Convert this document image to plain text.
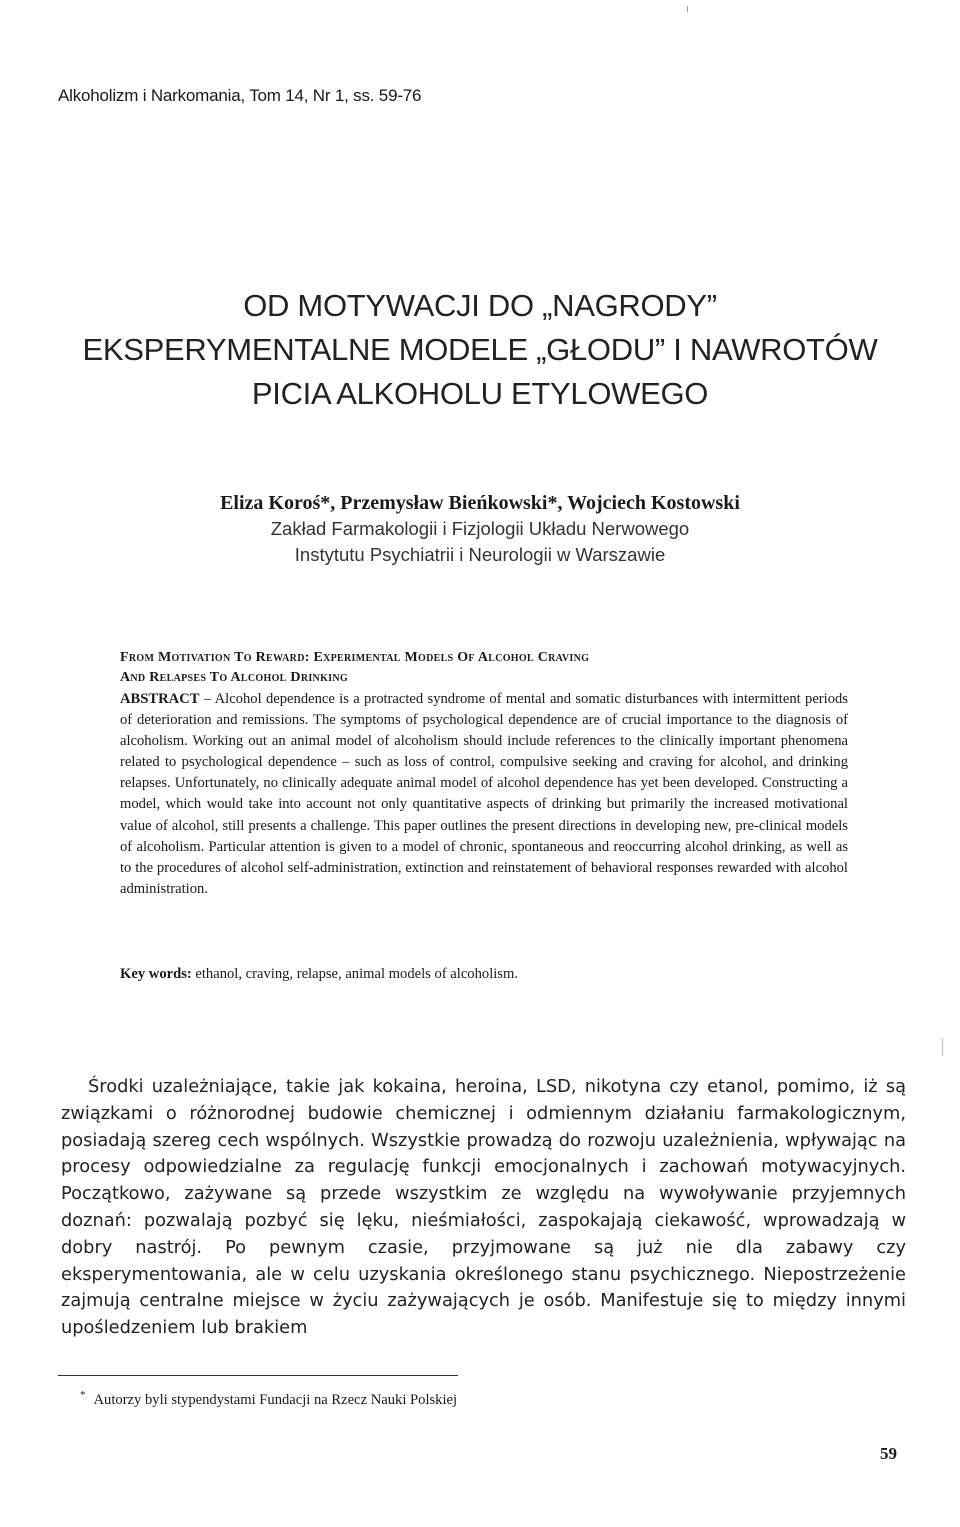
Alkoholizm i Narkomania, Tom 14, Nr 1, ss. 59-76
OD MOTYWACJI DO „NAGRODY”
EKSPERYMENTALNE MODELE „GŁODU” I NAWROTÓW
PICIA ALKOHOLU ETYLOWEGO
Eliza Koroś*, Przemysław Bieńkowski*, Wojciech Kostowski
Zakład Farmakologii i Fizjologii Układu Nerwowego
Instytutu Psychiatrii i Neurologii w Warszawie
From Motivation To Reward: Experimental Models Of Alcohol Craving
And Relapses To Alcohol Drinking
ABSTRACT – Alcohol dependence is a protracted syndrome of mental and somatic disturbances with intermittent periods of deterioration and remissions. The symptoms of psychological dependence are of crucial importance to the diagnosis of alcoholism. Working out an animal model of alcoholism should include references to the clinically important phenomena related to psychological dependence – such as loss of control, compulsive seeking and craving for alcohol, and drinking relapses. Unfortunately, no clinically adequate animal model of alcohol dependence has yet been developed. Constructing a model, which would take into account not only quantitative aspects of drinking but primarily the increased motivational value of alcohol, still presents a challenge. This paper outlines the present directions in developing new, pre-clinical models of alcoholism. Particular attention is given to a model of chronic, spontaneous and reoccurring alcohol drinking, as well as to the procedures of alcohol self-administration, extinction and reinstatement of behavioral responses rewarded with alcohol administration.
Key words: ethanol, craving, relapse, animal models of alcoholism.

Środki uzależniające, takie jak kokaina, heroina, LSD, nikotyna czy etanol, pomimo, iż są związkami o różnorodnej budowie chemicznej i odmiennym działaniu farmakologicznym, posiadają szereg cech wspólnych. Wszystkie prowadzą do rozwoju uzależnienia, wpływając na procesy odpowiedzialne za regulację funkcji emocjonalnych i zachowań motywacyjnych. Początkowo, zażywane są przede wszystkim ze względu na wywoływanie przyjemnych doznań: pozwalają pozbyć się lęku, nieśmiałości, zaspokajają ciekawość, wprowadzają w dobry nastrój. Po pewnym czasie, przyjmowane są już nie dla zabawy czy eksperymentowania, ale w celu uzyskania określonego stanu psychicznego. Niepostrzeżenie zajmują centralne miejsce w życiu zażywających je osób. Manifestuje się to między innymi upośledzeniem lub brakiem

* Autorzy byli stypendystami Fundacji na Rzecz Nauki Polskiej
59
